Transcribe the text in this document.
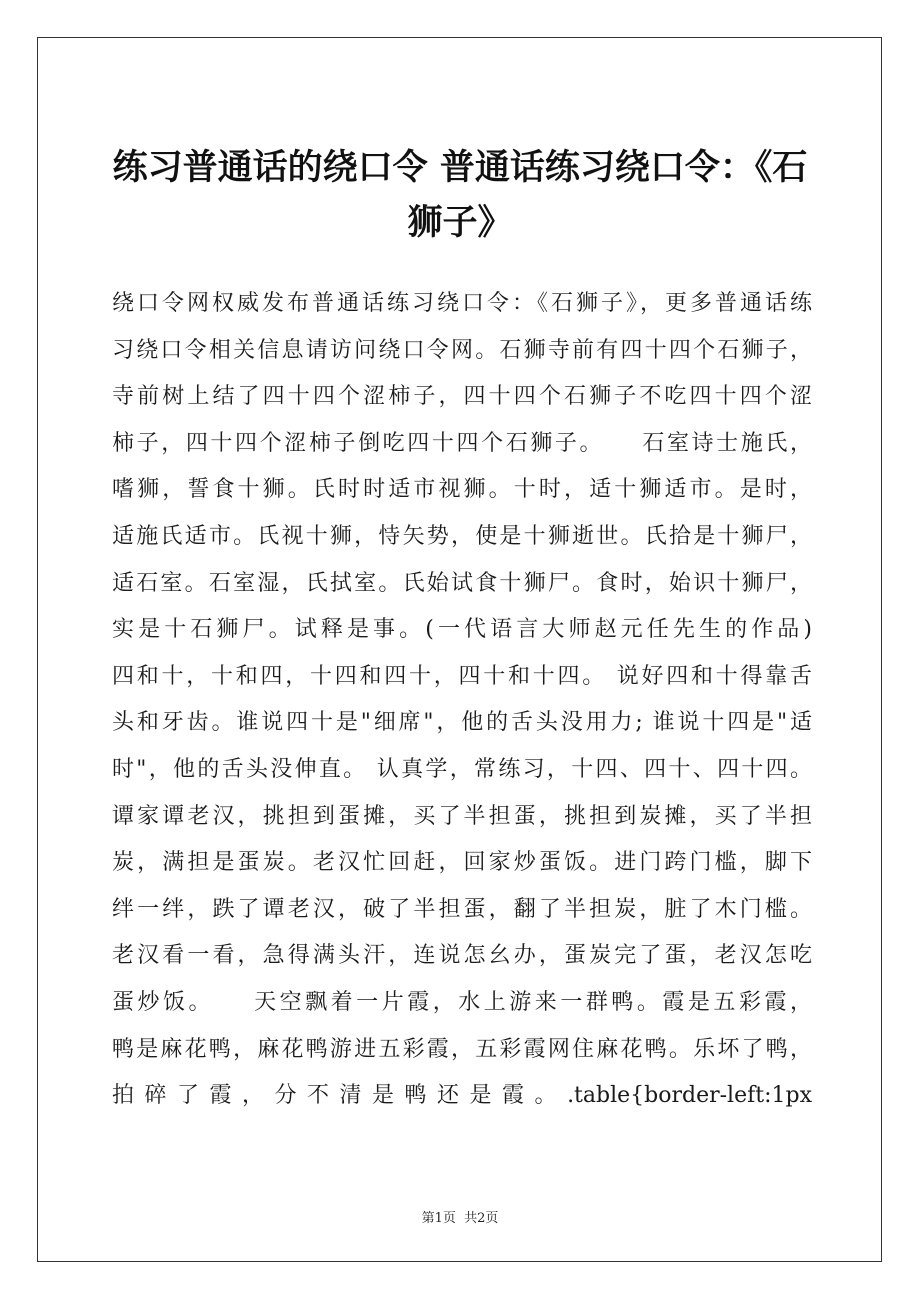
练习普通话的绕口令 普通话练习绕口令：《石
狮子》
绕口令网权威发布普通话练习绕口令：《石狮子》，更多普通话练
习绕口令相关信息请访问绕口令网。石狮寺前有四十四个石狮子，
寺前树上结了四十四个涩柿子，四十四个石狮子不吃四十四个涩
柿子，四十四个涩柿子倒吃四十四个石狮子。　　石室诗士施氏，
嗜狮，誓食十狮。氏时时适市视狮。十时，适十狮适市。是时，
适施氏适市。氏视十狮，恃矢势，使是十狮逝世。氏拾是十狮尸，
适石室。石室湿，氏拭室。氏始试食十狮尸。食时，始识十狮尸，
实是十石狮尸。试释是事。(一代语言大师赵元任先生的作品)
四和十，十和四，十四和四十，四十和十四。 说好四和十得靠舌
头和牙齿。谁说四十是"细席"，他的舌头没用力; 谁说十四是"适
时"，他的舌头没伸直。 认真学，常练习，十四、四十、四十四。
谭家谭老汉，挑担到蛋摊，买了半担蛋，挑担到炭摊，买了半担
炭，满担是蛋炭。老汉忙回赶，回家炒蛋饭。进门跨门槛，脚下
绊一绊，跌了谭老汉，破了半担蛋，翻了半担炭，脏了木门槛。
老汉看一看，急得满头汗，连说怎幺办，蛋炭完了蛋，老汉怎吃
蛋炒饭。　　天空飘着一片霞，水上游来一群鸭。霞是五彩霞，
鸭是麻花鸭，麻花鸭游进五彩霞，五彩霞网住麻花鸭。乐坏了鸭，
拍碎了霞，分不清是鸭还是霞。.table{border-left:1px
第1页 共2页
